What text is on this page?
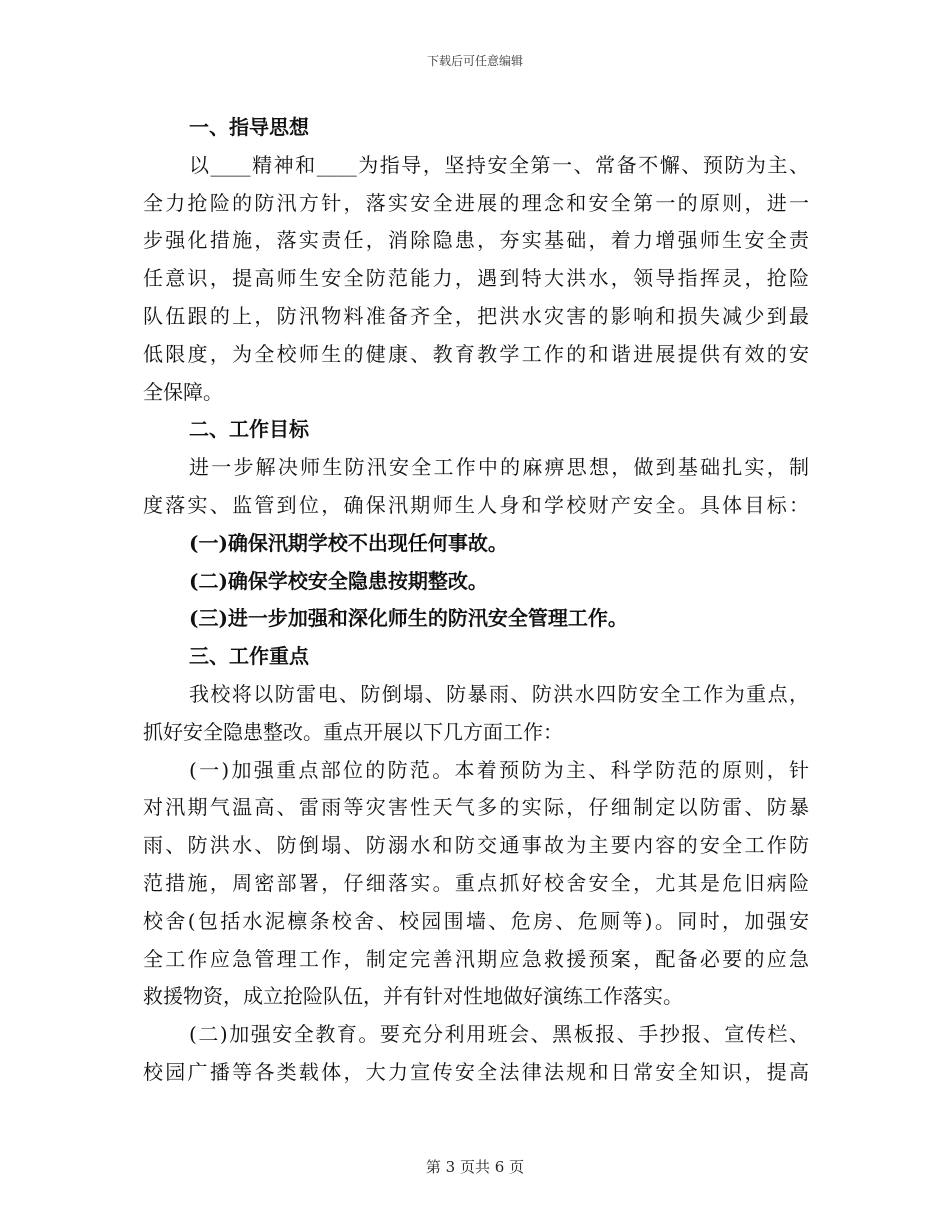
下载后可任意编辑
一、指导思想
以____精神和____为指导，坚持安全第一、常备不懈、预防为主、
全力抢险的防汛方针，落实安全进展的理念和安全第一的原则，进一
步强化措施，落实责任，消除隐患，夯实基础，着力增强师生安全责
任意识，提高师生安全防范能力，遇到特大洪水，领导指挥灵，抢险
队伍跟的上，防汛物料准备齐全，把洪水灾害的影响和损失减少到最
低限度，为全校师生的健康、教育教学工作的和谐进展提供有效的安
全保障。
二、工作目标
进一步解决师生防汛安全工作中的麻痹思想，做到基础扎实，制
度落实、监管到位，确保汛期师生人身和学校财产安全。具体目标：
(一)确保汛期学校不出现任何事故。
(二)确保学校安全隐患按期整改。
(三)进一步加强和深化师生的防汛安全管理工作。
三、工作重点
我校将以防雷电、防倒塌、防暴雨、防洪水四防安全工作为重点，
抓好安全隐患整改。重点开展以下几方面工作：
(一)加强重点部位的防范。本着预防为主、科学防范的原则，针
对汛期气温高、雷雨等灾害性天气多的实际，仔细制定以防雷、防暴
雨、防洪水、防倒塌、防溺水和防交通事故为主要内容的安全工作防
范措施，周密部署，仔细落实。重点抓好校舍安全，尤其是危旧病险
校舍(包括水泥檩条校舍、校园围墙、危房、危厕等)。同时，加强安
全工作应急管理工作，制定完善汛期应急救援预案，配备必要的应急
救援物资，成立抢险队伍，并有针对性地做好演练工作落实。
(二)加强安全教育。要充分利用班会、黑板报、手抄报、宣传栏、
校园广播等各类载体，大力宣传安全法律法规和日常安全知识，提高
第 3 页共 6 页
